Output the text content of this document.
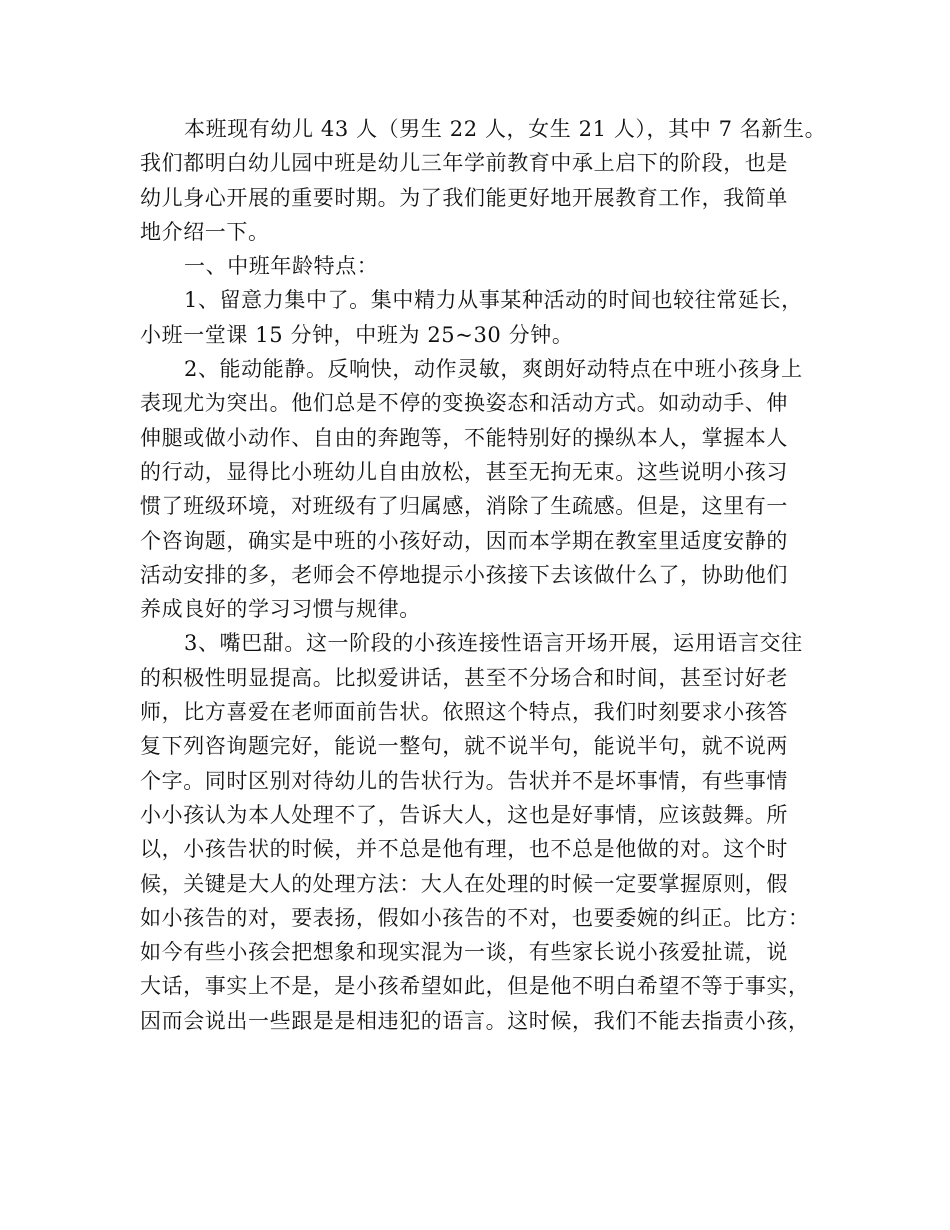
本班现有幼儿 43 人（男生 22 人，女生 21 人），其中 7 名新生。
我们都明白幼儿园中班是幼儿三年学前教育中承上启下的阶段，也是
幼儿身心开展的重要时期。为了我们能更好地开展教育工作，我简单
地介绍一下。
一、中班年龄特点：
1、留意力集中了。集中精力从事某种活动的时间也较往常延长，
小班一堂课 15 分钟，中班为 25~30 分钟。
2、能动能静。反响快，动作灵敏，爽朗好动特点在中班小孩身上
表现尤为突出。他们总是不停的变换姿态和活动方式。如动动手、伸
伸腿或做小动作、自由的奔跑等，不能特别好的操纵本人，掌握本人
的行动，显得比小班幼儿自由放松，甚至无拘无束。这些说明小孩习
惯了班级环境，对班级有了归属感，消除了生疏感。但是，这里有一
个咨询题，确实是中班的小孩好动，因而本学期在教室里适度安静的
活动安排的多，老师会不停地提示小孩接下去该做什么了，协助他们
养成良好的学习习惯与规律。
3、嘴巴甜。这一阶段的小孩连接性语言开场开展，运用语言交往
的积极性明显提高。比拟爱讲话，甚至不分场合和时间，甚至讨好老
师，比方喜爱在老师面前告状。依照这个特点，我们时刻要求小孩答
复下列咨询题完好，能说一整句，就不说半句，能说半句，就不说两
个字。同时区别对待幼儿的告状行为。告状并不是坏事情，有些事情
小小孩认为本人处理不了，告诉大人，这也是好事情，应该鼓舞。所
以，小孩告状的时候，并不总是他有理，也不总是他做的对。这个时
候，关键是大人的处理方法：大人在处理的时候一定要掌握原则，假
如小孩告的对，要表扬，假如小孩告的不对，也要委婉的纠正。比方：
如今有些小孩会把想象和现实混为一谈，有些家长说小孩爱扯谎，说
大话，事实上不是，是小孩希望如此，但是他不明白希望不等于事实，
因而会说出一些跟是是相违犯的语言。这时候，我们不能去指责小孩，
